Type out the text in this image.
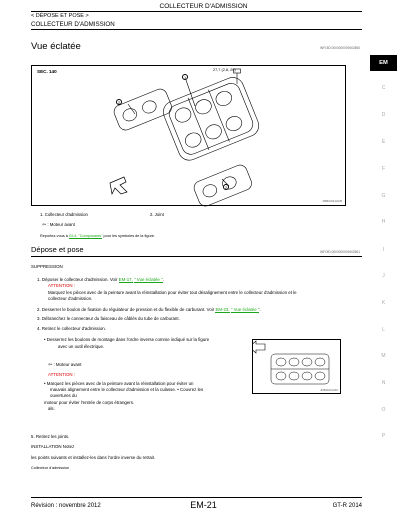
COLLECTEUR D'ADMISSION
< DÉPOSE ET POSE >
COLLECTEUR D'ADMISSION
Vue éclatée	INFOID:0000000009402860
EM
C
D
E
F
G
H
I
J
K
L
M
N
O
P
SEC. 140	27,7 (2,8, 20)
1
2
2
JMBIA0312GB
1. Collecteur d'admission	2. Joint
⇦ : Moteur avant
Reportez-vous à GI-4, "Composants" pour les symboles de la figure.
Dépose et pose	INFOID:0000000009402861
SUPPRESSION
1. Déposer le collecteur d'admission. Voir EM-17, " Vue éclatée ".
ATTENTION :
Marquez les pièces avec de la peinture avant la réinstallation pour éviter tout désalignement entre le collecteur d'admission et le
collecteur d'admission.
2. Desserrer le boulon de fixation du régulateur de pression et du flexible de carburant. Voir EM-23, " Vue éclatée ".
3. Débranchez le connecteur du faisceau de câblés du tube de carburant.
4. Retirez le collecteur d'admission.
• Desserrez les boulons de montage dans l'ordre inverse comme indiqué sur la figure
avec un outil électrique.
⇦ : Moteur avant
ATTENTION :
• Marquez les pièces avec de la peinture avant la réinstallation pour éviter un
mauvais alignement entre le collecteur d'admission et la culasse. • Couvrez les
ouvertures du
moteur pour éviter l'entrée de corps étrangers.
als.
JMBIA0313ZZ
5. Retirez les joints.
INSTALLATION Notez
les points suivants et installez-les dans l'ordre inverse du retrait.
Collecteur d'admission
Révision : novembre 2012	EM-21	GT-R 2014
